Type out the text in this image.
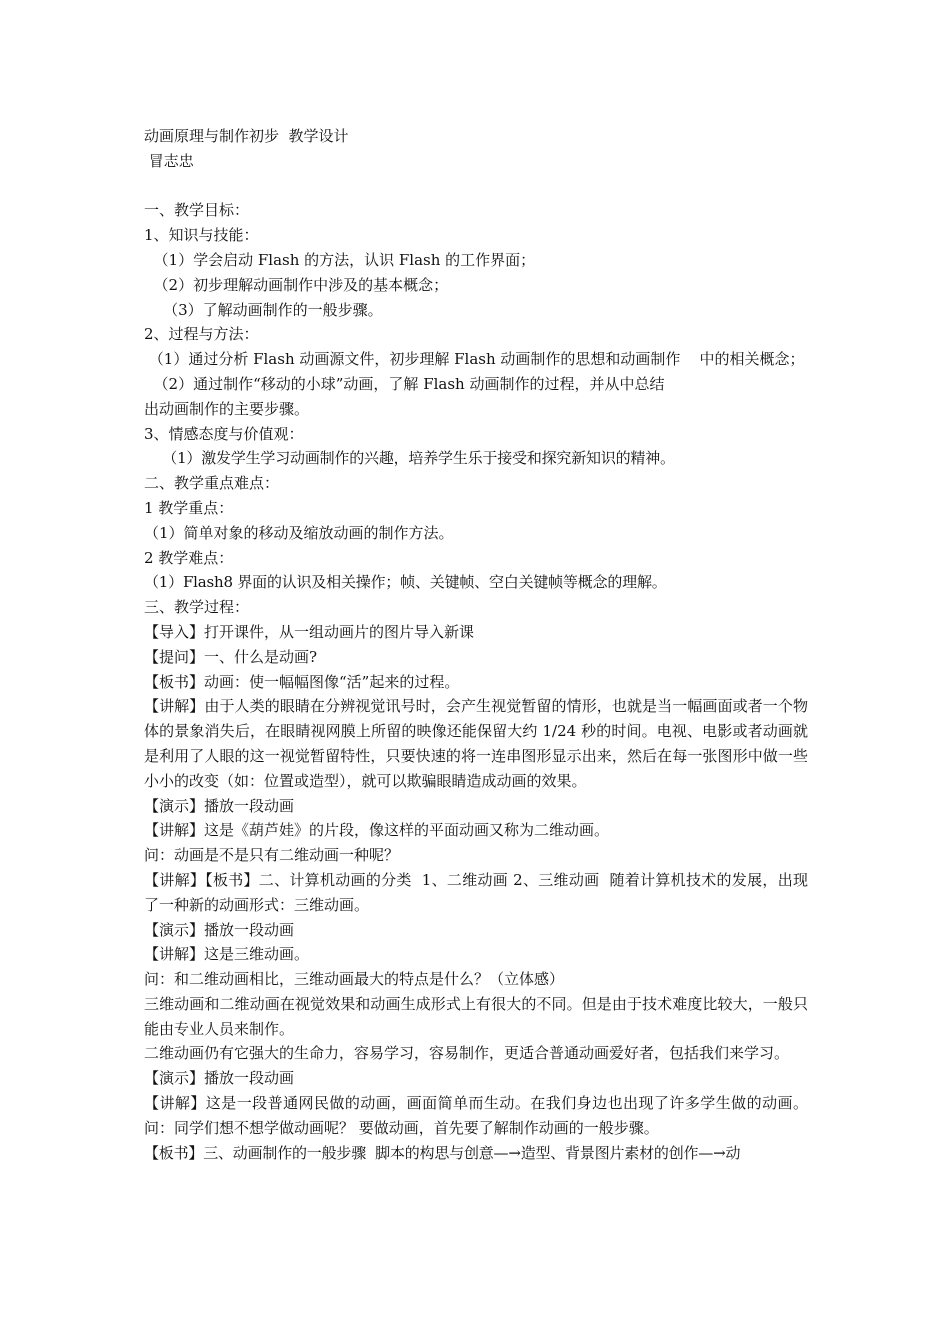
动画原理与制作初步  教学设计
冒志忠
一、教学目标：
1、知识与技能：
（1）学会启动 Flash 的方法，认识 Flash 的工作界面；
（2）初步理解动画制作中涉及的基本概念；
（3）了解动画制作的一般步骤。
2、过程与方法：
（1）通过分析 Flash 动画源文件，初步理解 Flash 动画制作的思想和动画制作    中的相关概念；
（2）通过制作“移动的小球”动画，了解 Flash 动画制作的过程，并从中总结
出动画制作的主要步骤。
3、情感态度与价值观：
（1）激发学生学习动画制作的兴趣，培养学生乐于接受和探究新知识的精神。
二、教学重点难点：
1 教学重点：
（1）简单对象的移动及缩放动画的制作方法。
2 教学难点：
（1）Flash8 界面的认识及相关操作；帧、关键帧、空白关键帧等概念的理解。
三、教学过程：
【导入】打开课件，从一组动画片的图片导入新课
【提问】一、什么是动画?
【板书】动画：使一幅幅图像“活”起来的过程。
【讲解】由于人类的眼睛在分辨视觉讯号时，会产生视觉暂留的情形，也就是当一幅画面或者一个物体的景象消失后，在眼睛视网膜上所留的映像还能保留大约 1/24 秒的时间。电视、电影或者动画就是利用了人眼的这一视觉暂留特性，只要快速的将一连串图形显示出来，然后在每一张图形中做一些小小的改变（如：位置或造型），就可以欺骗眼睛造成动画的效果。
【演示】播放一段动画
【讲解】这是《葫芦娃》的片段，像这样的平面动画又称为二维动画。
问：动画是不是只有二维动画一种呢？
【讲解】【板书】二、计算机动画的分类  1、二维动画 2、三维动画  随着计算机技术的发展，出现了一种新的动画形式：三维动画。
【演示】播放一段动画
【讲解】这是三维动画。
问：和二维动画相比，三维动画最大的特点是什么？（立体感）
三维动画和二维动画在视觉效果和动画生成形式上有很大的不同。但是由于技术难度比较大，一般只能由专业人员来制作。
二维动画仍有它强大的生命力，容易学习，容易制作，更适合普通动画爱好者，包括我们来学习。
【演示】播放一段动画
【讲解】这是一段普通网民做的动画，画面简单而生动。在我们身边也出现了许多学生做的动画。问：同学们想不想学做动画呢？ 要做动画，首先要了解制作动画的一般步骤。
【板书】三、动画制作的一般步骤  脚本的构思与创意—→造型、背景图片素材的创作—→动
